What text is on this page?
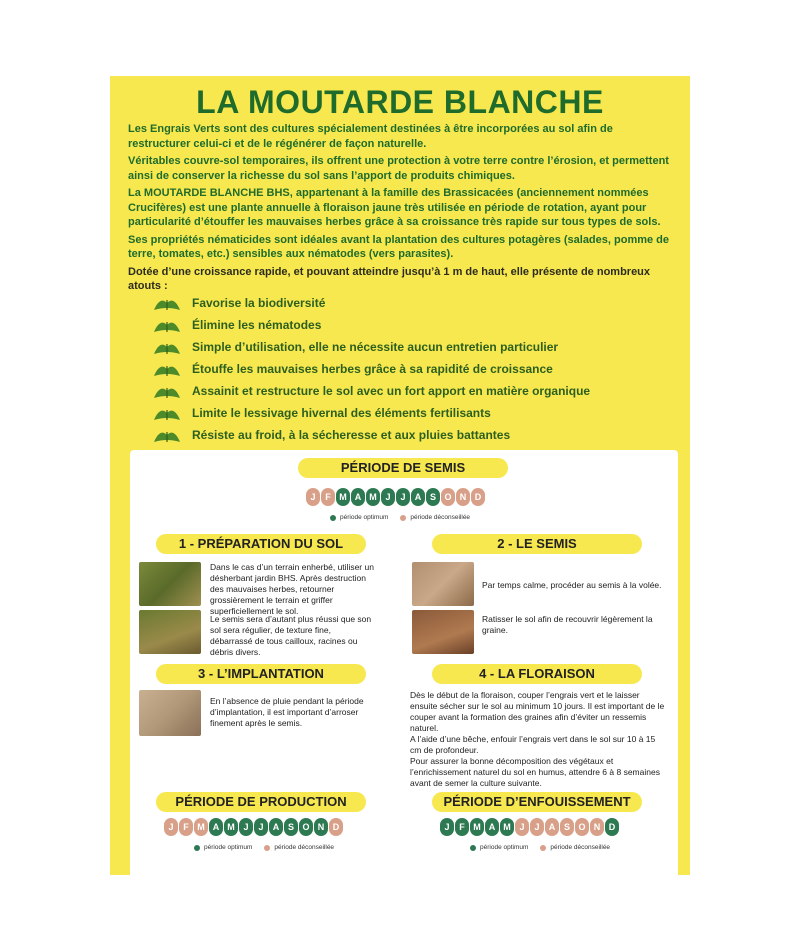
LA MOUTARDE BLANCHE

Les Engrais Verts sont des cultures spécialement destinées à être incorporées au sol afin de restructurer celui-ci et de le régénérer de façon naturelle.

Véritables couvre-sol temporaires, ils offrent une protection à votre terre contre l’érosion, et permettent ainsi de conserver la richesse du sol sans l’apport de produits chimiques.

La MOUTARDE BLANCHE BHS, appartenant à la famille des Brassicacées (anciennement nommées Crucifères) est une plante annuelle à floraison jaune très utilisée en période de rotation, ayant pour particularité d’étouffer les mauvaises herbes grâce à sa croissance très rapide sur tous types de sols.

Ses propriétés nématicides sont idéales avant la plantation des cultures potagères (salades, pomme de terre, tomates, etc.) sensibles aux nématodes (vers parasites).

Dotée d’une croissance rapide, et pouvant atteindre jusqu’à 1 m de haut, elle présente de nombreux atouts :

Favorise la biodiversité
Élimine les nématodes
Simple d’utilisation, elle ne nécessite aucun entretien particulier
Étouffe les mauvaises herbes grâce à sa rapidité de croissance
Assainit et restructure le sol avec un fort apport en matière organique
Limite le lessivage hivernal des éléments fertilisants
Résiste au froid, à la sécheresse et aux pluies battantes
PÉRIODE DE SEMIS
J	F M A M J	J	A S O N D
période optimum	période déconseillée
1 - PRÉPARATION DU SOL
Dans le cas d’un terrain enherbé, utiliser un désherbant jardin BHS. Après destruction des mauvaises herbes, retourner grossièrement le terrain et griffer superficiellement le sol.
Le semis sera d’autant plus réussi que son sol sera régulier, de texture fine, débarrassé de tous cailloux, racines ou débris divers.
2 - LE SEMIS
Par temps calme, procéder au semis à la volée.
Ratisser le sol afin de recouvrir légèrement la graine.
3 - L’IMPLANTATION
En l’absence de pluie pendant la période d’implantation, il est important d’arroser finement après le semis.
4 - LA FLORAISON
Dès le début de la floraison, couper l’engrais vert et le laisser ensuite sécher sur le sol au minimum 10 jours. Il est important de le couper avant la formation des graines afin d’éviter un ressemis naturel.
A l’aide d’une bêche, enfouir l’engrais vert dans le sol sur 10 à 15 cm de profondeur.
Pour assurer la bonne décomposition des végétaux et l’enrichissement naturel du sol en humus, attendre 6 à 8 semaines avant de semer la culture suivante.
PÉRIODE DE PRODUCTION
J	F M A M J	J	A S O N D
période optimum	période déconseillée
PÉRIODE D’ENFOUISSEMENT
J	F M A M J	J	A S O N D
période optimum	période déconseillée
